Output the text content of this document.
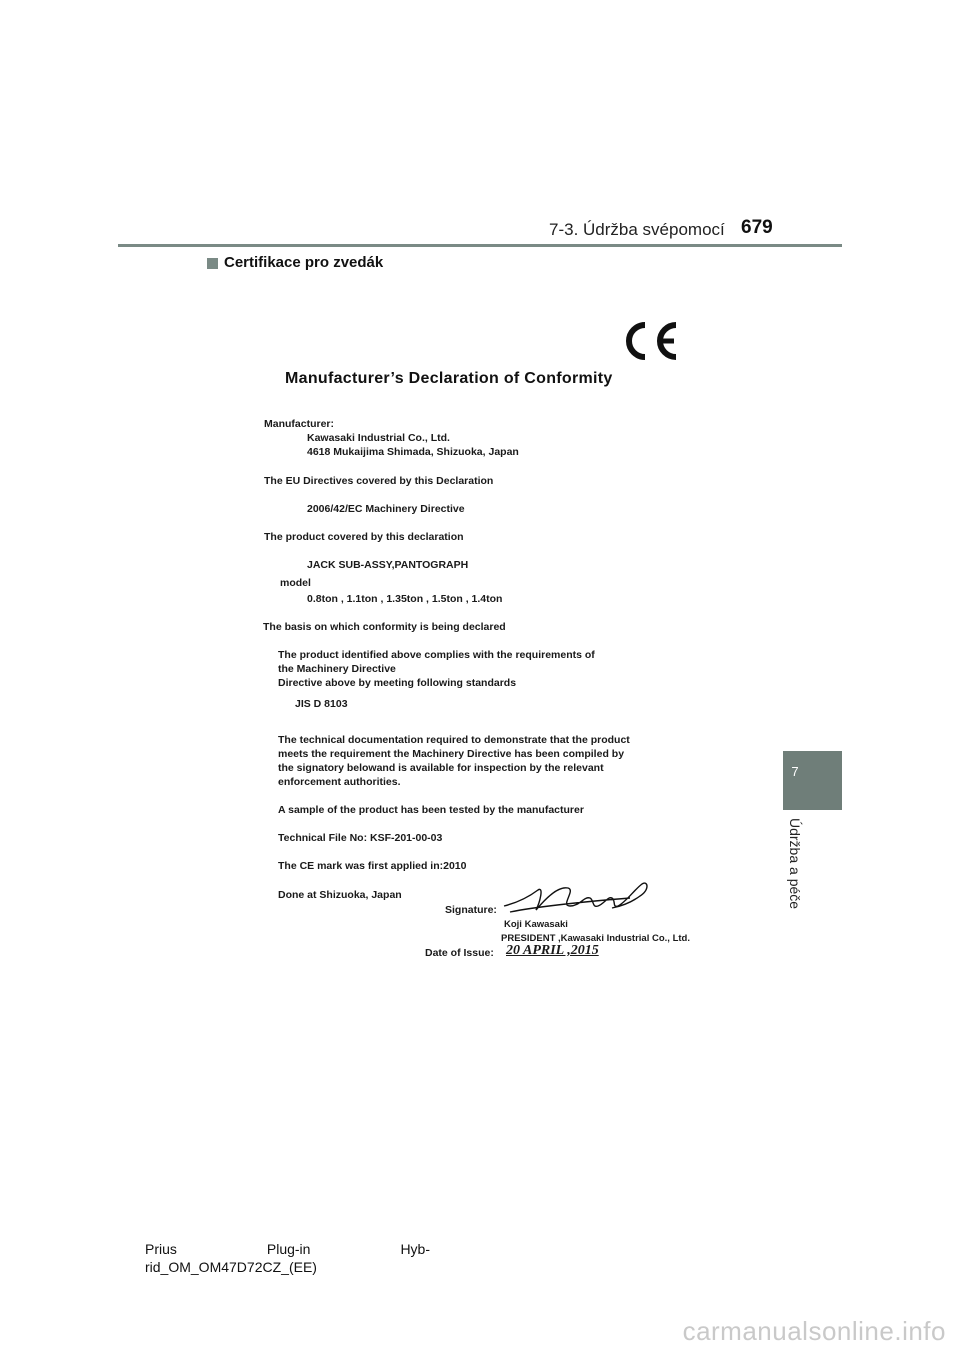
7-3. Údržba svépomocí 679
Certifikace pro zvedák
7
Údržba a péče
Manufacturer’s Declaration of Conformity
Manufacturer:
Kawasaki Industrial Co., Ltd.
4618 Mukaijima Shimada, Shizuoka, Japan
The EU Directives covered by this Declaration
2006/42/EC Machinery Directive
The product covered by this declaration
JACK SUB-ASSY,PANTOGRAPH
model
0.8ton , 1.1ton , 1.35ton , 1.5ton , 1.4ton
The basis on which conformity is being declared
The product identified above complies with the requirements of
the Machinery Directive
Directive above by meeting following standards
JIS D 8103
The technical documentation required to demonstrate that the product
meets the requirement the Machinery Directive has been compiled by
the signatory belowand is available for inspection by the relevant
enforcement authorities.
A sample of the product has been tested by the manufacturer
Technical File No: KSF-201-00-03
The CE mark was first applied in:2010
Done at Shizuoka, Japan
Signature:
Koji Kawasaki
PRESIDENT ,Kawasaki Industrial Co., Ltd.
Date of Issue: 20 APRIL ,2015
Prius	Plug-in	Hyb-
rid_OM_OM47D72CZ_(EE)
carmanualsonline.info
